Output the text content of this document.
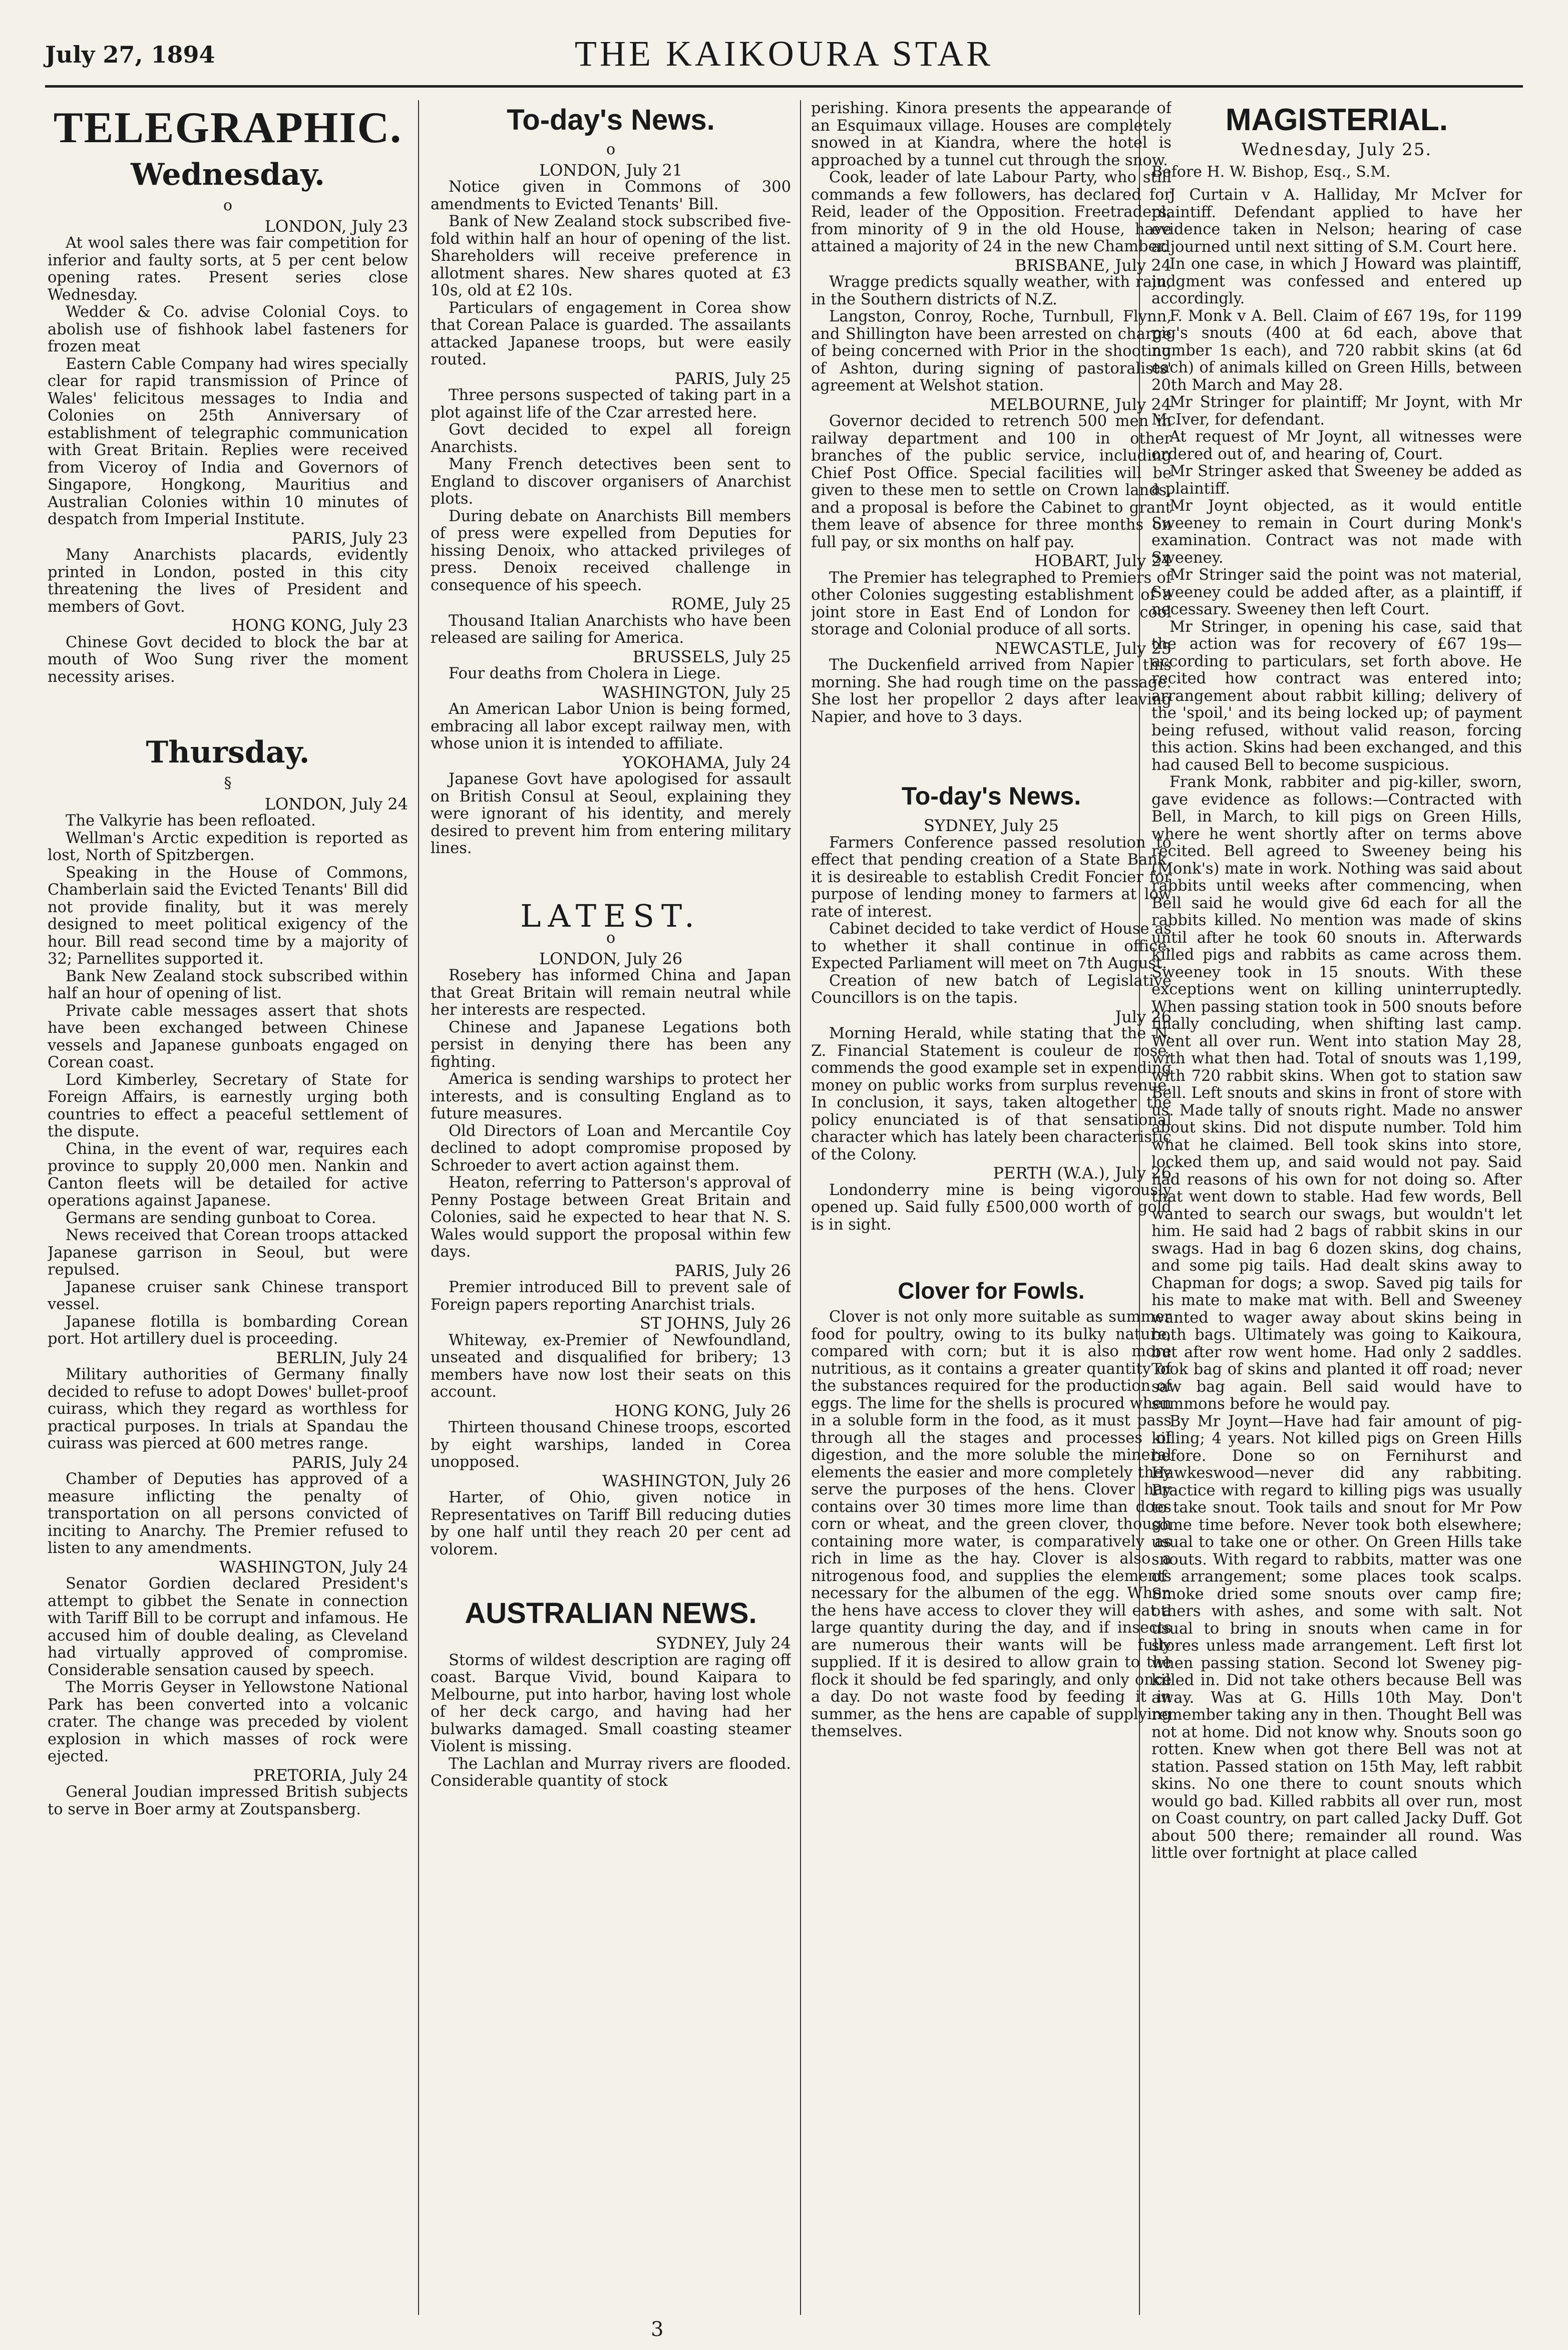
July 27, 1894	THE KAIKOURA STAR
TELEGRAPHIC.
Wednesday.
o

LONDON, July 23

At wool sales there was fair competition for inferior and faulty sorts, at 5 per cent below opening rates. Present series close Wednesday.

Wedder & Co. advise Colonial Coys. to abolish use of fishhook label fasteners for frozen meat

Eastern Cable Company had wires specially clear for rapid transmission of Prince of Wales' felicitous messages to India and Colonies on 25th Anniversary of establishment of telegraphic communication with Great Britain. Replies were received from Viceroy of India and Governors of Singapore, Hongkong, Mauritius and Australian Colonies within 10 minutes of despatch from Imperial Institute.

PARIS, July 23

Many Anarchists placards, evidently printed in London, posted in this city threatening the lives of President and members of Govt.

HONG KONG, July 23

Chinese Govt decided to block the bar at mouth of Woo Sung river the moment necessity arises.

Thursday.
§

LONDON, July 24

The Valkyrie has been refloated.

Wellman's Arctic expedition is reported as lost, North of Spitzbergen.

Speaking in the House of Commons, Chamberlain said the Evicted Tenants' Bill did not provide finality, but it was merely designed to meet political exigency of the hour. Bill read second time by a majority of 32; Parnellites supported it.

Bank New Zealand stock subscribed within half an hour of opening of list.

Private cable messages assert that shots have been exchanged between Chinese vessels and Japanese gunboats engaged on Corean coast.

Lord Kimberley, Secretary of State for Foreign Affairs, is earnestly urging both countries to effect a peaceful settlement of the dispute.

China, in the event of war, requires each province to supply 20,000 men. Nankin and Canton fleets will be detailed for active operations against Japanese.

Germans are sending gunboat to Corea.

News received that Corean troops attacked Japanese garrison in Seoul, but were repulsed.

Japanese cruiser sank Chinese transport vessel.

Japanese flotilla is bombarding Corean port. Hot artillery duel is proceeding.

BERLIN, July 24

Military authorities of Germany finally decided to refuse to adopt Dowes' bullet-proof cuirass, which they regard as worthless for practical purposes. In trials at Spandau the cuirass was pierced at 600 metres range.

PARIS, July 24

Chamber of Deputies has approved of a measure inflicting the penalty of transportation on all persons convicted of inciting to Anarchy. The Premier refused to listen to any amendments.

WASHINGTON, July 24

Senator Gordien declared President's attempt to gibbet the Senate in connection with Tariff Bill to be corrupt and infamous. He accused him of double dealing, as Cleveland had virtually approved of compromise. Considerable sensation caused by speech.

The Morris Geyser in Yellowstone National Park has been converted into a volcanic crater. The change was preceded by violent explosion in which masses of rock were ejected.

PRETORIA, July 24

General Joudian impressed British subjects to serve in Boer army at Zoutspansberg.

To-day's News.
o

LONDON, July 21

Notice given in Commons of 300 amendments to Evicted Tenants' Bill.

Bank of New Zealand stock subscribed five-fold within half an hour of opening of the list. Shareholders will receive preference in allotment shares. New shares quoted at £3 10s, old at £2 10s.

Particulars of engagement in Corea show that Corean Palace is guarded. The assailants attacked Japanese troops, but were easily routed.

PARIS, July 25

Three persons suspected of taking part in a plot against life of the Czar arrested here.

Govt decided to expel all foreign Anarchists.

Many French detectives been sent to England to discover organisers of Anarchist plots.

During debate on Anarchists Bill members of press were expelled from Deputies for hissing Denoix, who attacked privileges of press. Denoix received challenge in consequence of his speech.

ROME, July 25

Thousand Italian Anarchists who have been released are sailing for America.

BRUSSELS, July 25

Four deaths from Cholera in Liege.

WASHINGTON, July 25

An American Labor Union is being formed, embracing all labor except railway men, with whose union it is intended to affiliate.

YOKOHAMA, July 24

Japanese Govt have apologised for assault on British Consul at Seoul, explaining they were ignorant of his identity, and merely desired to prevent him from entering military lines.

LATEST.
o

LONDON, July 26

Rosebery has informed China and Japan that Great Britain will remain neutral while her interests are respected.

Chinese and Japanese Legations both persist in denying there has been any fighting.

America is sending warships to protect her interests, and is consulting England as to future measures.

Old Directors of Loan and Mercantile Coy declined to adopt compromise proposed by Schroeder to avert action against them.

Heaton, referring to Patterson's approval of Penny Postage between Great Britain and Colonies, said he expected to hear that N. S. Wales would support the proposal within few days.

PARIS, July 26

Premier introduced Bill to prevent sale of Foreign papers reporting Anarchist trials.

ST JOHNS, July 26

Whiteway, ex-Premier of Newfoundland, unseated and disqualified for bribery; 13 members have now lost their seats on this account.

HONG KONG, July 26

Thirteen thousand Chinese troops, escorted by eight warships, landed in Corea unopposed.

WASHINGTON, July 26

Harter, of Ohio, given notice in Representatives on Tariff Bill reducing duties by one half until they reach 20 per cent ad volorem.

AUSTRALIAN NEWS.

SYDNEY, July 24

Storms of wildest description are raging off coast. Barque Vivid, bound Kaipara to Melbourne, put into harbor, having lost whole of her deck cargo, and having had her bulwarks damaged. Small coasting steamer Violent is missing.

The Lachlan and Murray rivers are flooded. Considerable quantity of stock

perishing. Kinora presents the appearance of an Esquimaux village. Houses are completely snowed in at Kiandra, where the hotel is approached by a tunnel cut through the snow.

Cook, leader of late Labour Party, who still commands a few followers, has declared for Reid, leader of the Opposition. Freetraders, from minority of 9 in the old House, have attained a majority of 24 in the new Chamber.

BRISBANE, July 24

Wragge predicts squally weather, with rain, in the Southern districts of N.Z.

Langston, Conroy, Roche, Turnbull, Flynn, and Shillington have been arrested on charge of being concerned with Prior in the shooting of Ashton, during signing of pastoralists' agreement at Welshot station.

MELBOURNE, July 24

Governor decided to retrench 500 men in railway department and 100 in other branches of the public service, including Chief Post Office. Special facilities will be given to these men to settle on Crown lands, and a proposal is before the Cabinet to grant them leave of absence for three months on full pay, or six months on half pay.

HOBART, July 24

The Premier has telegraphed to Premiers of other Colonies suggesting establishment of a joint store in East End of London for cool storage and Colonial produce of all sorts.

NEWCASTLE, July 25

The Duckenfield arrived from Napier this morning. She had rough time on the passage. She lost her propellor 2 days after leaving Napier, and hove to 3 days.

To-day's News.

SYDNEY, July 25

Farmers Conference passed resolution to effect that pending creation of a State Bank, it is desireable to establish Credit Foncier for purpose of lending money to farmers at low rate of interest.

Cabinet decided to take verdict of House as to whether it shall continue in office. Expected Parliament will meet on 7th August.

Creation of new batch of Legislative Councillors is on the tapis.

July 26

Morning Herald, while stating that the N. Z. Financial Statement is couleur de rose, commends the good example set in expending money on public works from surplus revenue. In conclusion, it says, taken altogether the policy enunciated is of that sensational character which has lately been characteristic of the Colony.

PERTH (W.A.), July 26

Londonderry mine is being vigorously opened up. Said fully £500,000 worth of gold is in sight.

Clover for Fowls.

Clover is not only more suitable as summer food for poultry, owing to its bulky nature, compared with corn; but it is also more nutritious, as it contains a greater quantity of the substances required for the production of eggs. The lime for the shells is procured when in a soluble form in the food, as it must pass through all the stages and processes of digestion, and the more soluble the mineral elements the easier and more completely they serve the purposes of the hens. Clover hay contains over 30 times more lime than does corn or wheat, and the green clover, though containing more water, is comparatively as rich in lime as the hay. Clover is also a nitrogenous food, and supplies the elements necessary for the albumen of the egg. When the hens have access to clover they will eat a large quantity during the day, and if insects are numerous their wants will be fully supplied. If it is desired to allow grain to the flock it should be fed sparingly, and only once a day. Do not waste food by feeding it in summer, as the hens are capable of supplying themselves.

MAGISTERIAL.
Wednesday, July 25.

Before H. W. Bishop, Esq., S.M.

J Curtain v A. Halliday, Mr McIver for plaintiff. Defendant applied to have her evidence taken in Nelson; hearing of case adjourned until next sitting of S.M. Court here.

In one case, in which J Howard was plaintiff, judgment was confessed and entered up accordingly.

F. Monk v A. Bell. Claim of £67 19s, for 1199 pig's snouts (400 at 6d each, above that number 1s each), and 720 rabbit skins (at 6d each) of animals killed on Green Hills, between 20th March and May 28.

Mr Stringer for plaintiff; Mr Joynt, with Mr McIver, for defendant.

At request of Mr Joynt, all witnesses were ordered out of, and hearing of, Court.

Mr Stringer asked that Sweeney be added as a plaintiff.

Mr Joynt objected, as it would entitle Sweeney to remain in Court during Monk's examination. Contract was not made with Sweeney.

Mr Stringer said the point was not material, Sweeney could be added after, as a plaintiff, if necessary. Sweeney then left Court.

Mr Stringer, in opening his case, said that the action was for recovery of £67 19s—according to particulars, set forth above. He recited how contract was entered into; arrangement about rabbit killing; delivery of the 'spoil,' and its being locked up; of payment being refused, without valid reason, forcing this action. Skins had been exchanged, and this had caused Bell to become suspicious.

Frank Monk, rabbiter and pig-killer, sworn, gave evidence as follows:—Contracted with Bell, in March, to kill pigs on Green Hills, where he went shortly after on terms above recited. Bell agreed to Sweeney being his (Monk's) mate in work. Nothing was said about rabbits until weeks after commencing, when Bell said he would give 6d each for all the rabbits killed. No mention was made of skins until after he took 60 snouts in. Afterwards killed pigs and rabbits as came across them. Sweeney took in 15 snouts. With these exceptions went on killing uninterruptedly. When passing station took in 500 snouts before finally concluding, when shifting last camp. Went all over run. Went into station May 28, with what then had. Total of snouts was 1,199, with 720 rabbit skins. When got to station saw Bell. Left snouts and skins in front of store with us. Made tally of snouts right. Made no answer about skins. Did not dispute number. Told him what he claimed. Bell took skins into store, locked them up, and said would not pay. Said had reasons of his own for not doing so. After that went down to stable. Had few words, Bell wanted to search our swags, but wouldn't let him. He said had 2 bags of rabbit skins in our swags. Had in bag 6 dozen skins, dog chains, and some pig tails. Had dealt skins away to Chapman for dogs; a swop. Saved pig tails for his mate to make mat with. Bell and Sweeney wanted to wager away about skins being in both bags. Ultimately was going to Kaikoura, but after row went home. Had only 2 saddles. Took bag of skins and planted it off road; never saw bag again. Bell said would have to summons before he would pay.

By Mr Joynt—Have had fair amount of pig-killing; 4 years. Not killed pigs on Green Hills before. Done so on Fernihurst and Hawkeswood—never did any rabbiting. Practice with regard to killing pigs was usually to take snout. Took tails and snout for Mr Pow some time before. Never took both elsewhere; usual to take one or other. On Green Hills take snouts. With regard to rabbits, matter was one of arrangement; some places took scalps. Smoke dried some snouts over camp fire; others with ashes, and some with salt. Not usual to bring in snouts when came in for stores unless made arrangement. Left first lot when passing station. Second lot Sweney pig-killed in. Did not take others because Bell was away. Was at G. Hills 10th May. Don't remember taking any in then. Thought Bell was not at home. Did not know why. Snouts soon go rotten. Knew when got there Bell was not at station. Passed station on 15th May, left rabbit skins. No one there to count snouts which would go bad. Killed rabbits all over run, most on Coast country, on part called Jacky Duff. Got about 500 there; remainder all round. Was little over fortnight at place called

3
